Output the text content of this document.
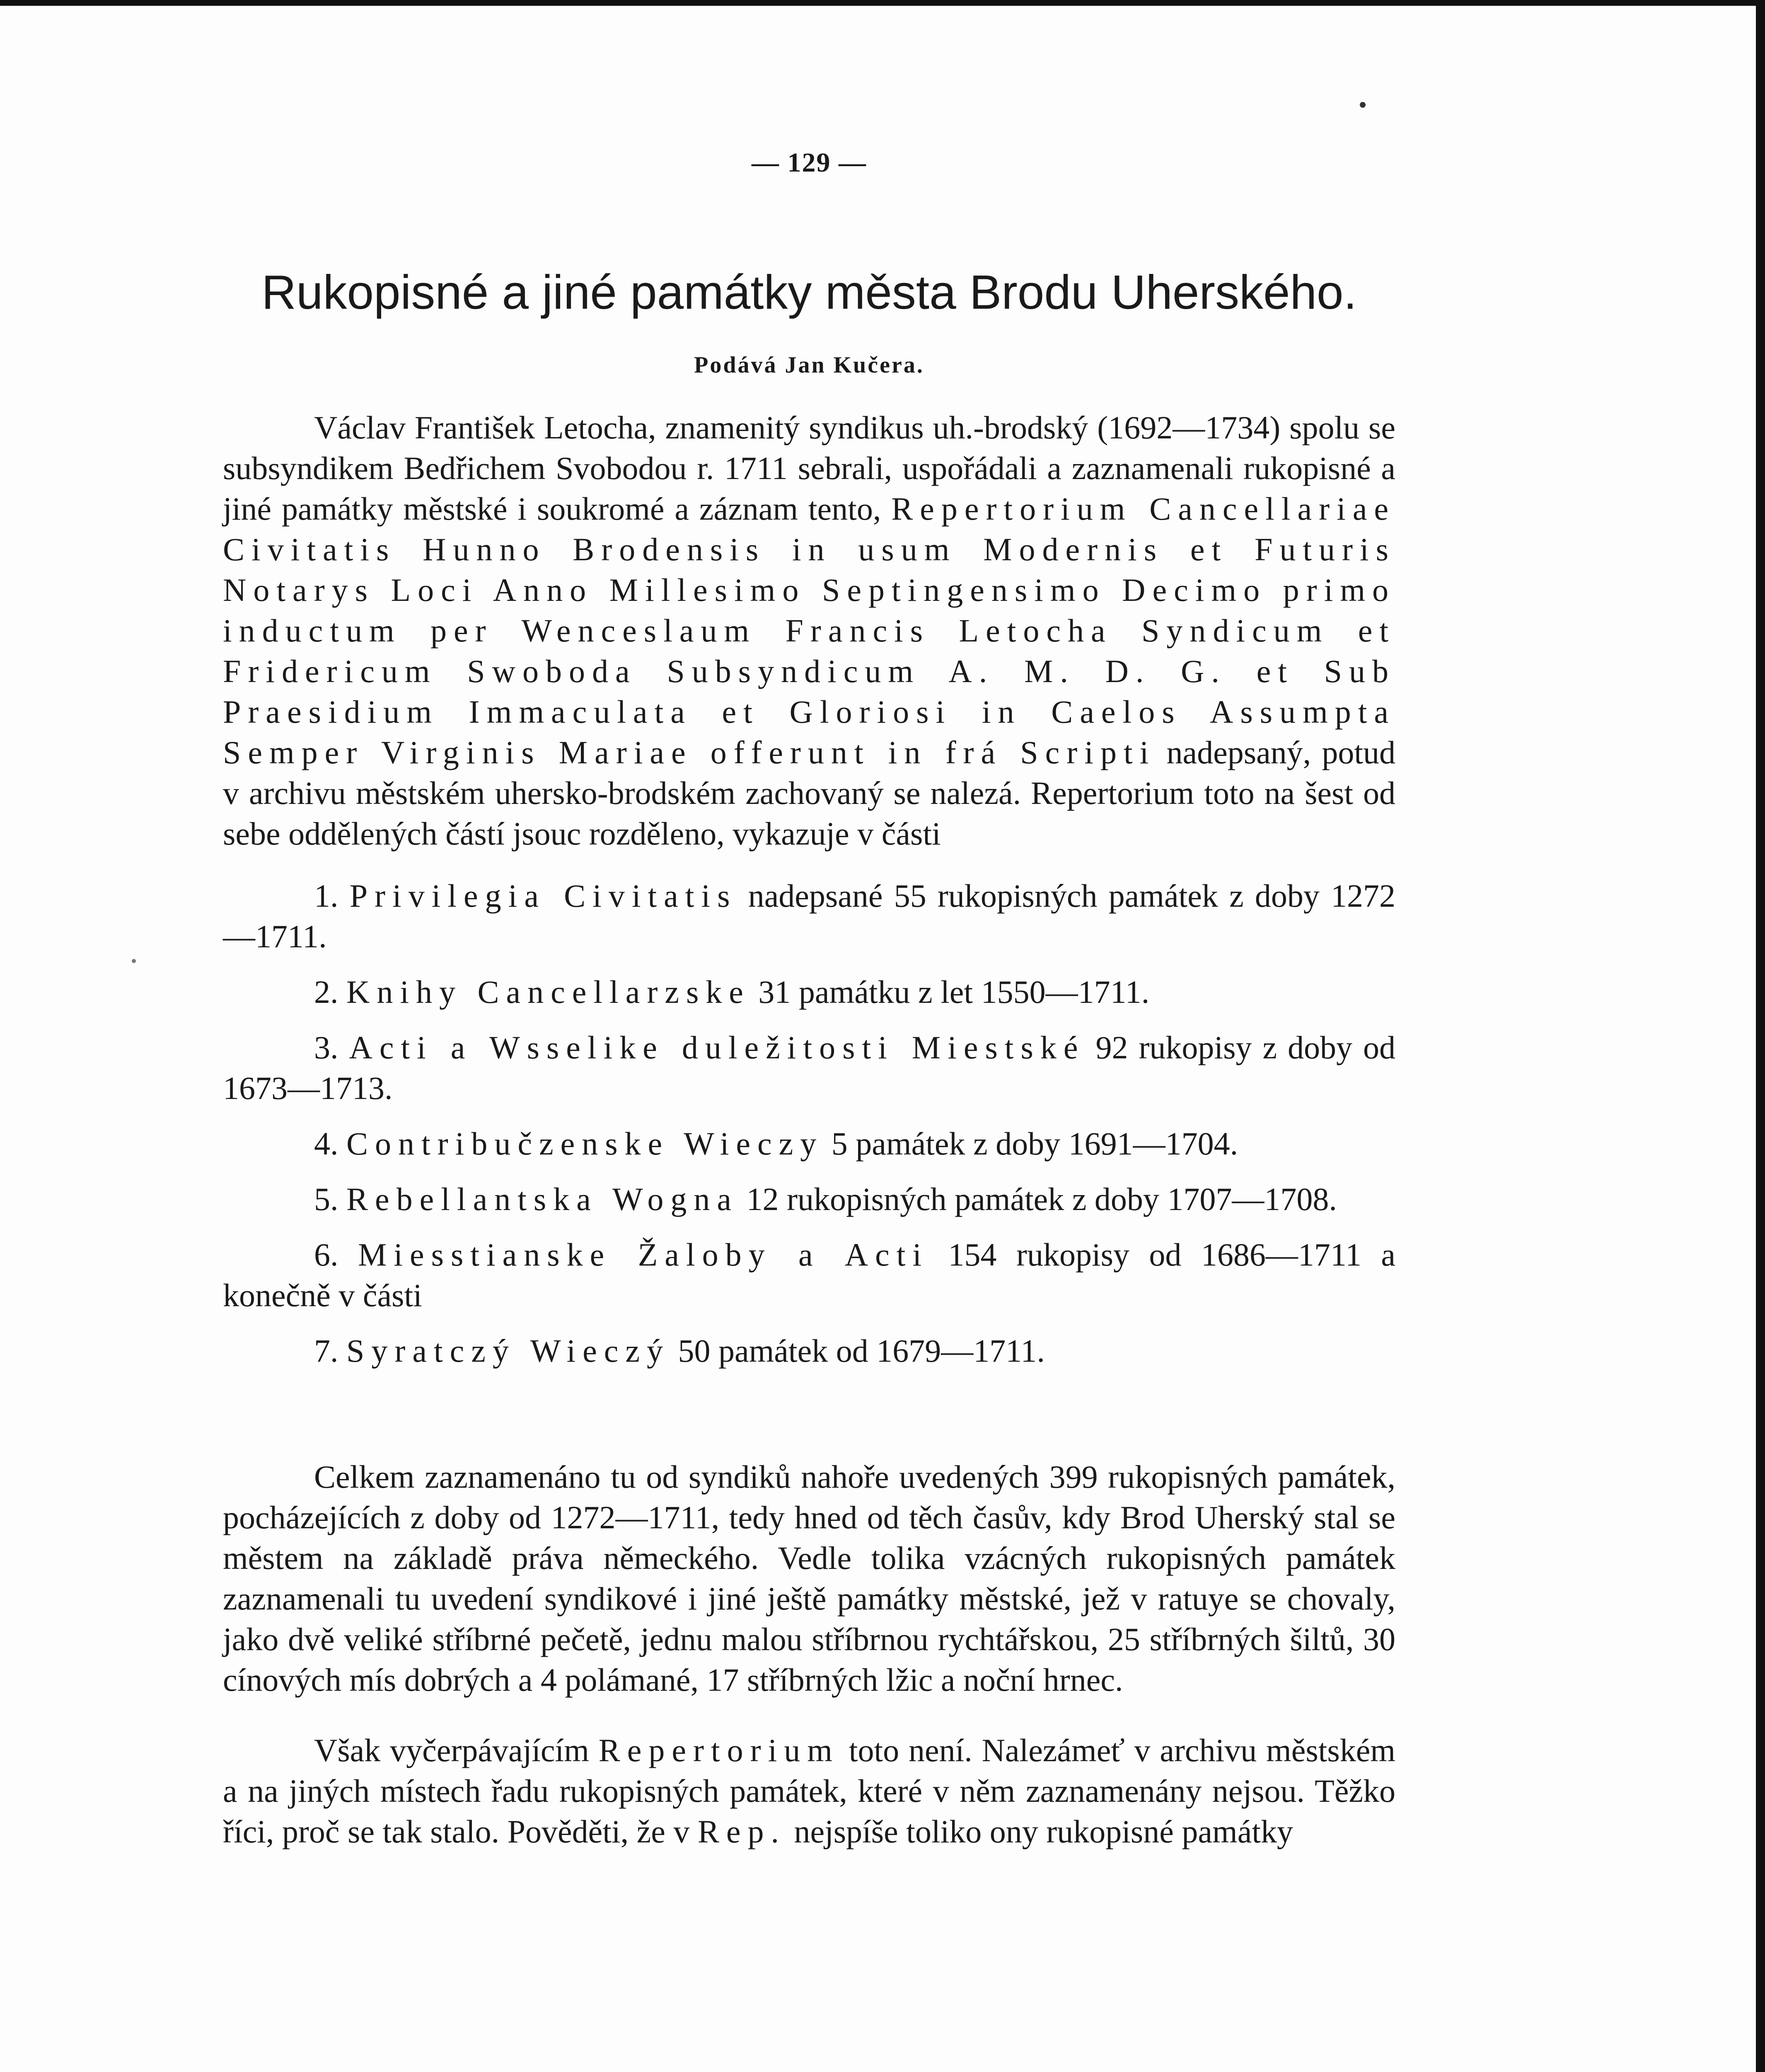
— 129 —
Rukopisné a jiné památky města Brodu Uherského.
Podává Jan Kučera.

Václav František Letocha, znamenitý syndikus uh.-brodský (1692—1734) spolu se subsyndikem Bedřichem Svobodou r. 1711 sebrali, uspořádali a zaznamenali rukopisné a jiné památky městské i soukromé a záznam tento, Repertorium Cancellariae Civitatis Hunno Brodensis in usum Modernis et Futuris Notarys Loci Anno Millesimo Septingensimo Decimo primo inductum per Wenceslaum Francis Letocha Syndicum et Fridericum Swoboda Subsyndicum A. M. D. G. et Sub Praesidium Immaculata et Gloriosi in Caelos Assumpta Semper Virginis Mariae offerunt in frá Scripti nadepsaný, potud v archivu městském uhersko-brodském zachovaný se nalezá. Repertorium toto na šest od sebe oddělených částí jsouc rozděleno, vykazuje v části

1. Privilegia Civitatis nadepsané 55 rukopisných památek z doby 1272—1711.
2. Knihy Cancellarzske 31 památku z let 1550—1711.
3. Acti a Wsselike duležitosti Miestské 92 rukopisy z doby od 1673—1713.
4. Contribučzenske Wieczy 5 památek z doby 1691—1704.
5. Rebellantska Wogna 12 rukopisných památek z doby 1707—1708.
6. Miesstianske Žaloby a Acti 154 rukopisy od 1686—1711 a konečně v části
7. Syratczý Wieczý 50 památek od 1679—1711.

Celkem zaznamenáno tu od syndiků nahoře uvedených 399 rukopisných památek, pocházejících z doby od 1272—1711, tedy hned od těch časův, kdy Brod Uherský stal se městem na základě práva německého. Vedle tolika vzácných rukopisných památek zaznamenali tu uvedení syndikové i jiné ještě památky městské, jež v ratuye se chovaly, jako dvě veliké stříbrné pečetě, jednu malou stříbrnou rychtářskou, 25 stříbrných šiltů, 30 cínových mís dobrých a 4 polámané, 17 stříbrných lžic a noční hrnec.

Však vyčerpávajícím Repertorium toto není. Nalezámeť v archivu městském a na jiných místech řadu rukopisných památek, které v něm zaznamenány nejsou. Těžko říci, proč se tak stalo. Pověděti, že v Rep. nejspíše toliko ony rukopisné památky
